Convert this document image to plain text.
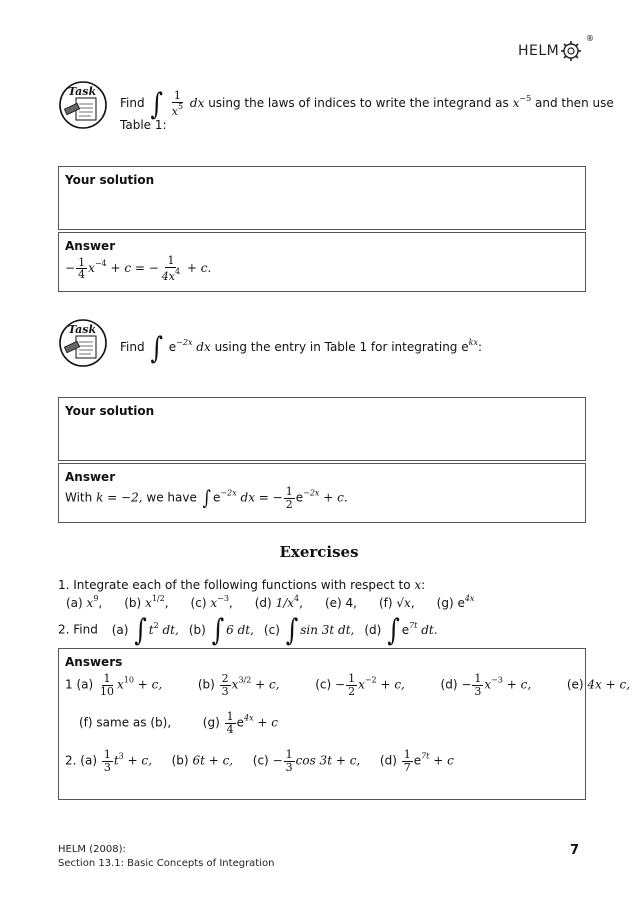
HELM
®
Task
Find ∫ $\frac{1}{x^5}$ dx using the laws of indices to write the integrand as $x^{-5}$ and then use
Table 1:
Your solution
Answer
− $\frac{1}{4} x^{-4} + c$ = − $\frac{1}{4x^4} + c$.
Task
Find ∫ $e^{-2x}$ dx using the entry in Table 1 for integrating $e^{kx}$:
Your solution
Answer
With k = −2, we have ∫ $e^{-2x}$ dx = − $\frac{1}{2} e^{-2x} + c$.
Exercises
1. Integrate each of the following functions with respect to x:
(a) $x^9$, (b) $x^{1/2}$, (c) $x^{-3}$, (d) $1/x^4$, (e) 4, (f) √x, (g) $e^{4x}$
2. Find (a) ∫ $t^2$ dt, (b) ∫ 6 dt, (c) ∫ sin 3t dt, (d) ∫ $e^{7t}$ dt.
Answers
1 $(a) \frac{1}{10} x^{10} + c$,	$(b) \frac{2}{3} x^{3/2} + c$,	$(c) - \frac{1}{2} x^{-2} + c$,	$(d) - \frac{1}{3} x^{-3} + c$,	(e) 4x + c,
(f) same as (b),	$(g) \frac{1}{4} e^{4x} + c$
2. $(a) \frac{1}{3} t^3 + c$, (b) 6t + c, $(c) - \frac{1}{3}$ cos 3t + c, $(d) \frac{1}{7} e^{7t} + c$
HELM (2008):
Section 13.1: Basic Concepts of Integration
7
